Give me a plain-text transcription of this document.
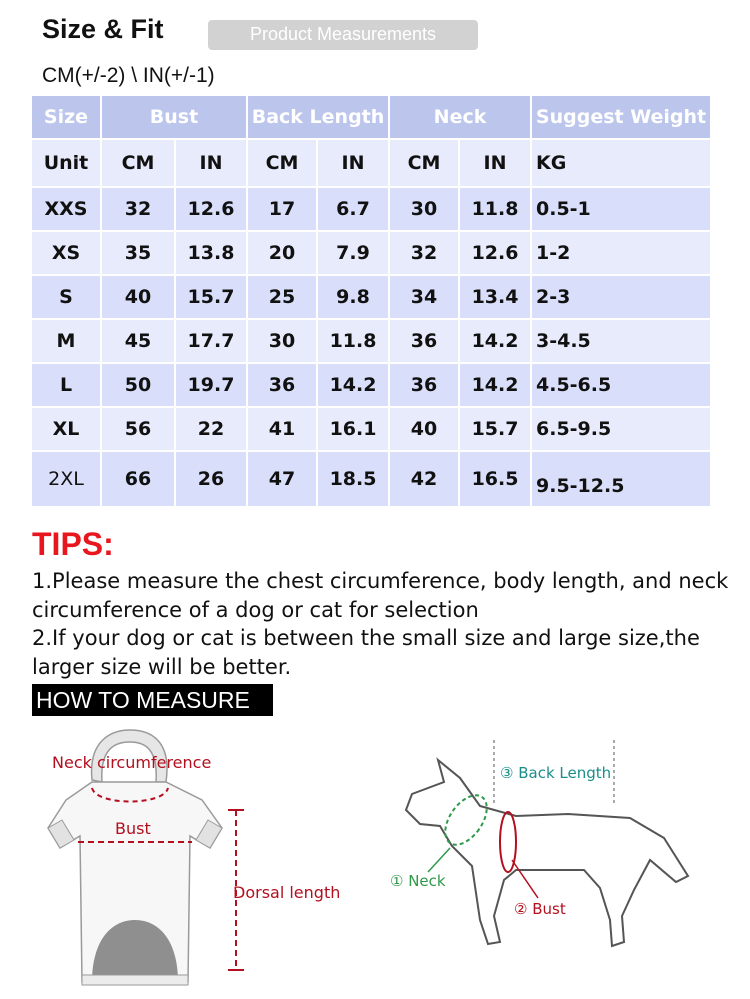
Size & Fit	Product Measurements
CM(+/-2) \ IN(+/-1)
Size	Bust		Back Length		Neck		Suggest Weight
Unit	CM	IN	CM	IN	CM	IN	KG
XXS	32	12.6	17	6.7	30	11.8	0.5-1
XS	35	13.8	20	7.9	32	12.6	1-2
S	40	15.7	25	9.8	34	13.4	2-3
M	45	17.7	30	11.8	36	14.2	3-4.5
L	50	19.7	36	14.2	36	14.2	4.5-6.5
XL	56	22	41	16.1	40	15.7	6.5-9.5
2XL	66	26	47	18.5	42	16.5	9.5-12.5
TIPS:
1.Please measure the chest circumference, body length, and neck circumference of a dog or cat for selection
2.If your dog or cat is between the small size and large size,the larger size will be better.
HOW TO MEASURE
Neck circumference
Bust
Dorsal length
③ Back Length
① Neck
② Bust
